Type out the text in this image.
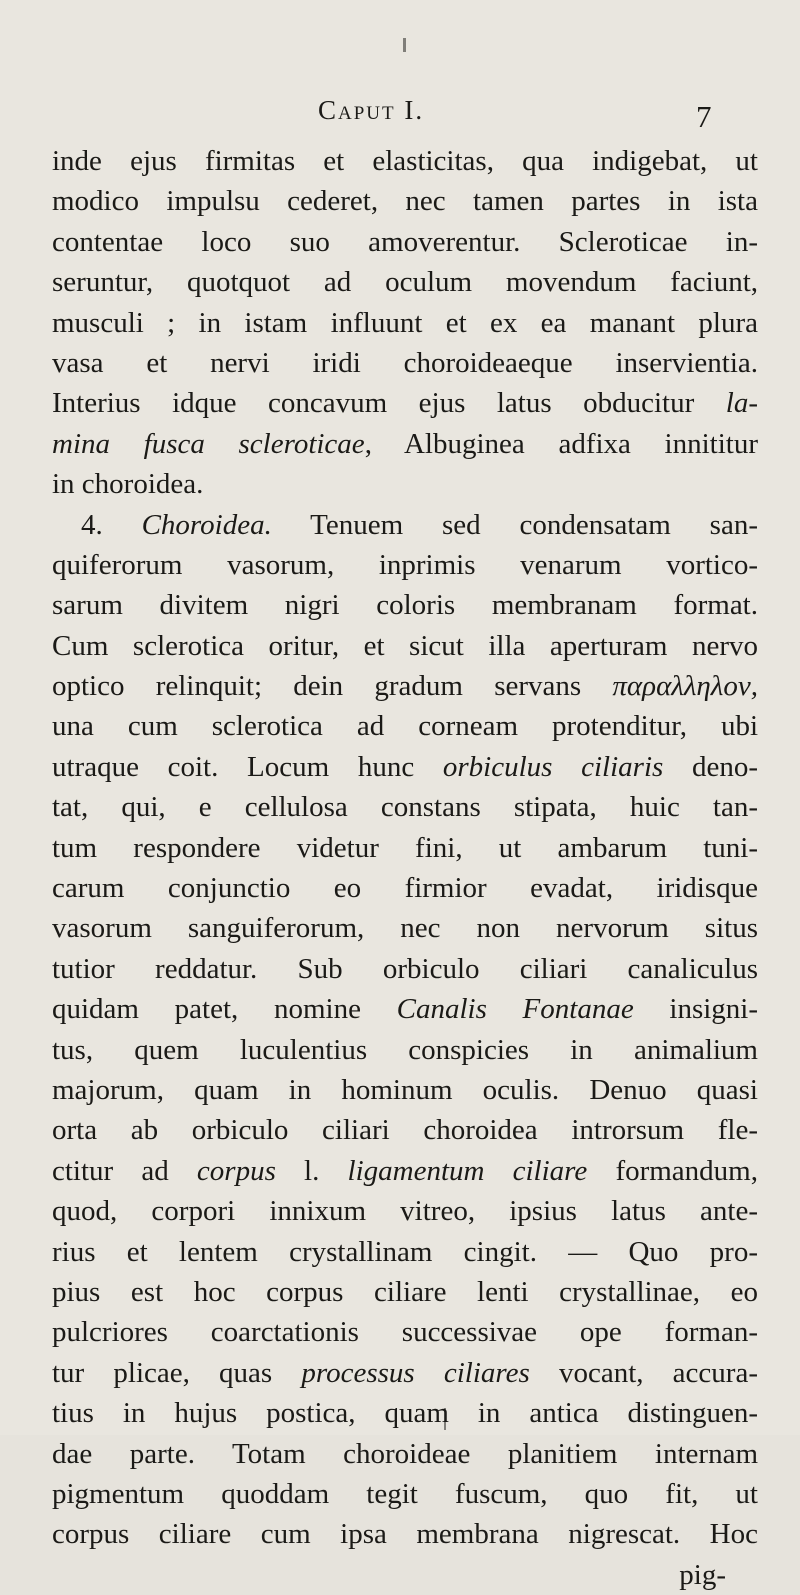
Caput I.	7
inde ejus firmitas et elasticitas, qua indigebat, ut
modico impulsu cederet, nec tamen partes in ista
contentae loco suo amoverentur. Scleroticae in-
seruntur, quotquot ad oculum movendum faciunt,
musculi ; in istam influunt et ex ea manant plura
vasa et nervi iridi choroideaeque inservientia.
Interius idque concavum ejus latus obducitur la-
mina fusca scleroticae, Albuginea adfixa innititur
in choroidea.
4. Choroidea. Tenuem sed condensatam san-
quiferorum vasorum, inprimis venarum vortico-
sarum divitem nigri coloris membranam format.
Cum sclerotica oritur, et sicut illa aperturam nervo
optico relinquit; dein gradum servans παραλληλον,
una cum sclerotica ad corneam protenditur, ubi
utraque coit. Locum hunc orbiculus ciliaris deno-
tat, qui, e cellulosa constans stipata, huic tan-
tum respondere videtur fini, ut ambarum tuni-
carum conjunctio eo firmior evadat, iridisque
vasorum sanguiferorum, nec non nervorum situs
tutior reddatur. Sub orbiculo ciliari canaliculus
quidam patet, nomine Canalis Fontanae insigni-
tus, quem luculentius conspicies in animalium
majorum, quam in hominum oculis. Denuo quasi
orta ab orbiculo ciliari choroidea introrsum fle-
ctitur ad corpus l. ligamentum ciliare formandum,
quod, corpori innixum vitreo, ipsius latus ante-
rius et lentem crystallinam cingit. — Quo pro-
pius est hoc corpus ciliare lenti crystallinae, eo
pulcriores coarctationis successivae ope forman-
tur plicae, quas processus ciliares vocant, accura-
tius in hujus postica, quam in antica distinguen-
dae parte. Totam choroideae planitiem internam
pigmentum quoddam tegit fuscum, quo fit, ut
corpus ciliare cum ipsa membrana nigrescat. Hoc
pig-
